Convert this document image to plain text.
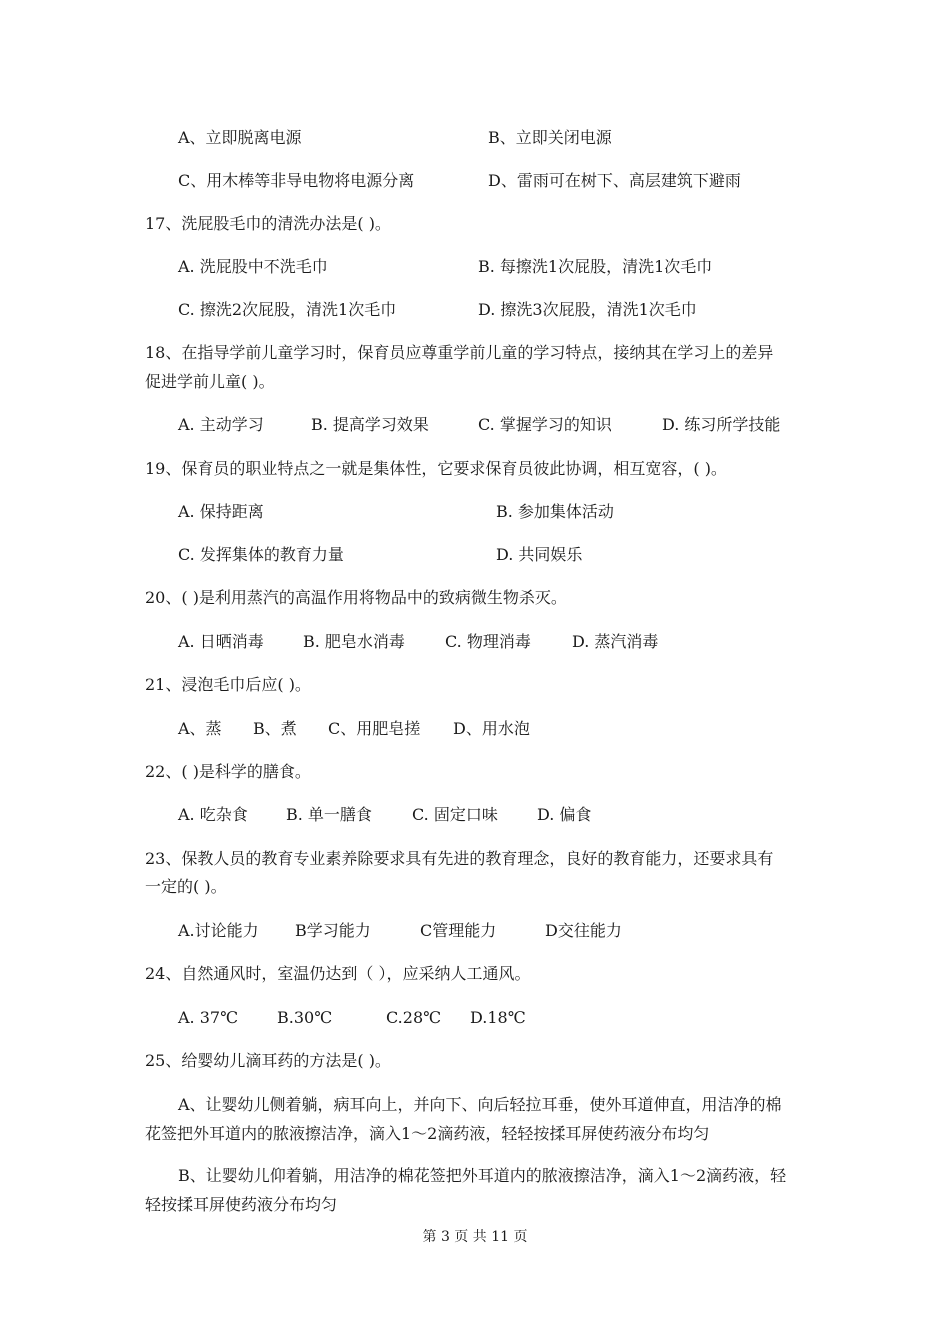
A、立即脱离电源	B、立即关闭电源
C、用木棒等非导电物将电源分离	D、雷雨可在树下、高层建筑下避雨
17、洗屁股毛巾的清洗办法是( )。
A. 洗屁股中不洗毛巾	B. 每擦洗1次屁股，清洗1次毛巾
C. 擦洗2次屁股，清洗1次毛巾	D. 擦洗3次屁股，清洗1次毛巾
18、在指导学前儿童学习时，保育员应尊重学前儿童的学习特点，接纳其在学习上的差异
促进学前儿童( )。
A. 主动学习	B. 提高学习效果	C. 掌握学习的知识	D. 练习所学技能
19、保育员的职业特点之一就是集体性，它要求保育员彼此协调，相互宽容，( )。
A. 保持距离	B. 参加集体活动
C. 发挥集体的教育力量	D. 共同娱乐
20、( )是利用蒸汽的高温作用将物品中的致病微生物杀灭。
A. 日晒消毒 B. 肥皂水消毒	C. 物理消毒	D. 蒸汽消毒
21、浸泡毛巾后应( )。
A、蒸 B、煮 C、用肥皂搓 D、用水泡
22、( )是科学的膳食。
A. 吃杂食 B. 单一膳食	C. 固定口味 D. 偏食
23、保教人员的教育专业素养除要求具有先进的教育理念，良好的教育能力，还要求具有
一定的( )。
A.讨论能力 B学习能力	C管理能力	D交往能力
24、自然通风时，室温仍达到（ ），应采纳人工通风。
A. 37℃ B.30℃	C.28℃ D.18℃
25、给婴幼儿滴耳药的方法是( )。
A、让婴幼儿侧着躺，病耳向上，并向下、向后轻拉耳垂，使外耳道伸直，用洁净的棉
花签把外耳道内的脓液擦洁净，滴入1～2滴药液，轻轻按揉耳屏使药液分布均匀
B、让婴幼儿仰着躺，用洁净的棉花签把外耳道内的脓液擦洁净，滴入1～2滴药液，轻
轻按揉耳屏使药液分布均匀
第 3 页 共 11 页
